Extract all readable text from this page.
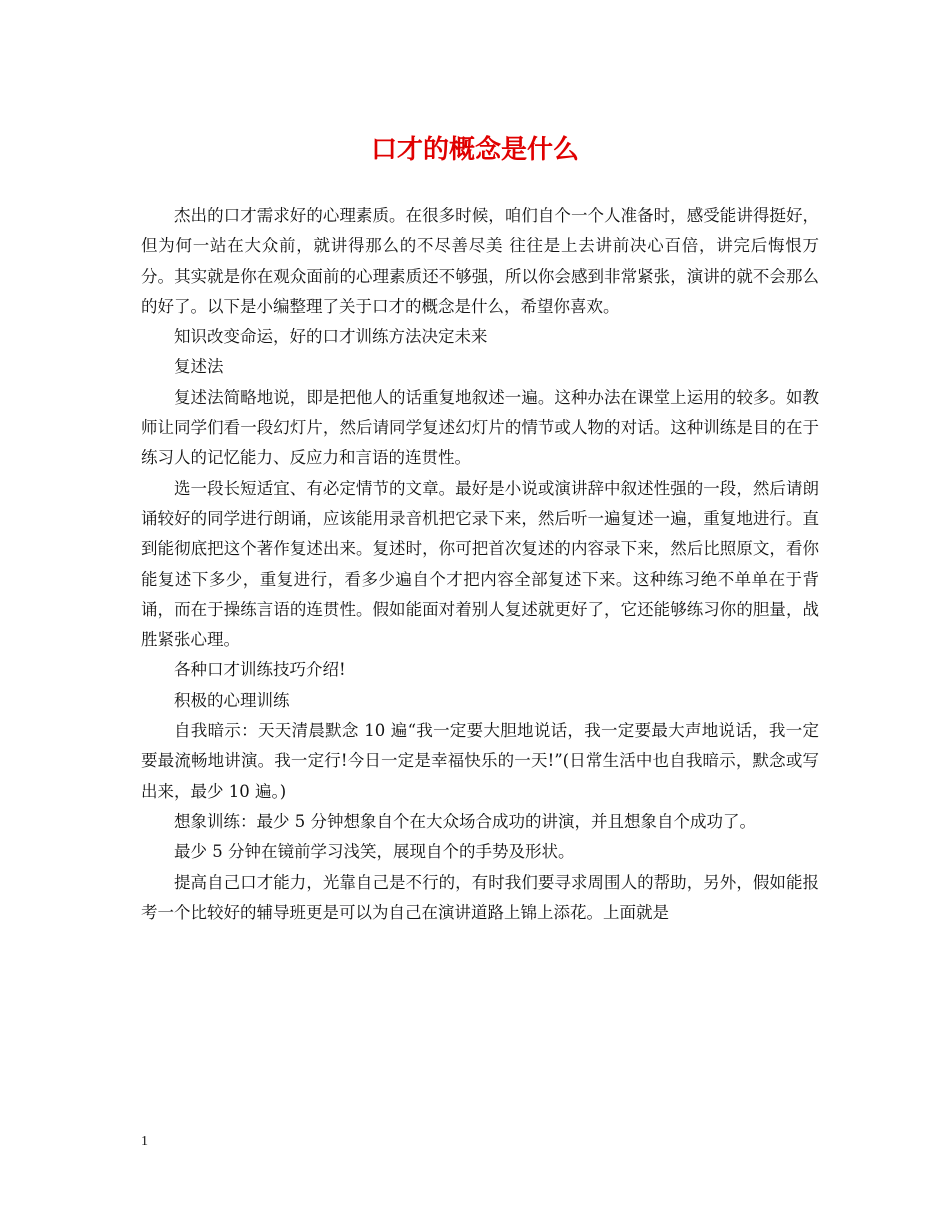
口才的概念是什么

杰出的口才需求好的心理素质。在很多时候，咱们自个一个人准备时，感受能讲得挺好，但为何一站在大众前，就讲得那么的不尽善尽美 往往是上去讲前决心百倍，讲完后悔恨万分。其实就是你在观众面前的心理素质还不够强，所以你会感到非常紧张，演讲的就不会那么的好了。以下是小编整理了关于口才的概念是什么，希望你喜欢。

知识改变命运，好的口才训练方法决定未来

复述法

复述法简略地说，即是把他人的话重复地叙述一遍。这种办法在课堂上运用的较多。如教师让同学们看一段幻灯片，然后请同学复述幻灯片的情节或人物的对话。这种训练是目的在于练习人的记忆能力、反应力和言语的连贯性。

选一段长短适宜、有必定情节的文章。最好是小说或演讲辞中叙述性强的一段，然后请朗诵较好的同学进行朗诵，应该能用录音机把它录下来，然后听一遍复述一遍，重复地进行。直到能彻底把这个著作复述出来。复述时，你可把首次复述的内容录下来，然后比照原文，看你能复述下多少，重复进行，看多少遍自个才把内容全部复述下来。这种练习绝不单单在于背诵，而在于操练言语的连贯性。假如能面对着别人复述就更好了，它还能够练习你的胆量，战胜紧张心理。

各种口才训练技巧介绍!

积极的心理训练

自我暗示：天天清晨默念 10 遍“我一定要大胆地说话，我一定要最大声地说话，我一定要最流畅地讲演。我一定行!今日一定是幸福快乐的一天!”(日常生活中也自我暗示，默念或写出来，最少 10 遍。)

想象训练：最少 5 分钟想象自个在大众场合成功的讲演，并且想象自个成功了。

最少 5 分钟在镜前学习浅笑，展现自个的手势及形状。

提高自己口才能力，光靠自己是不行的，有时我们要寻求周围人的帮助，另外，假如能报考一个比较好的辅导班更是可以为自己在演讲道路上锦上添花。上面就是

1
